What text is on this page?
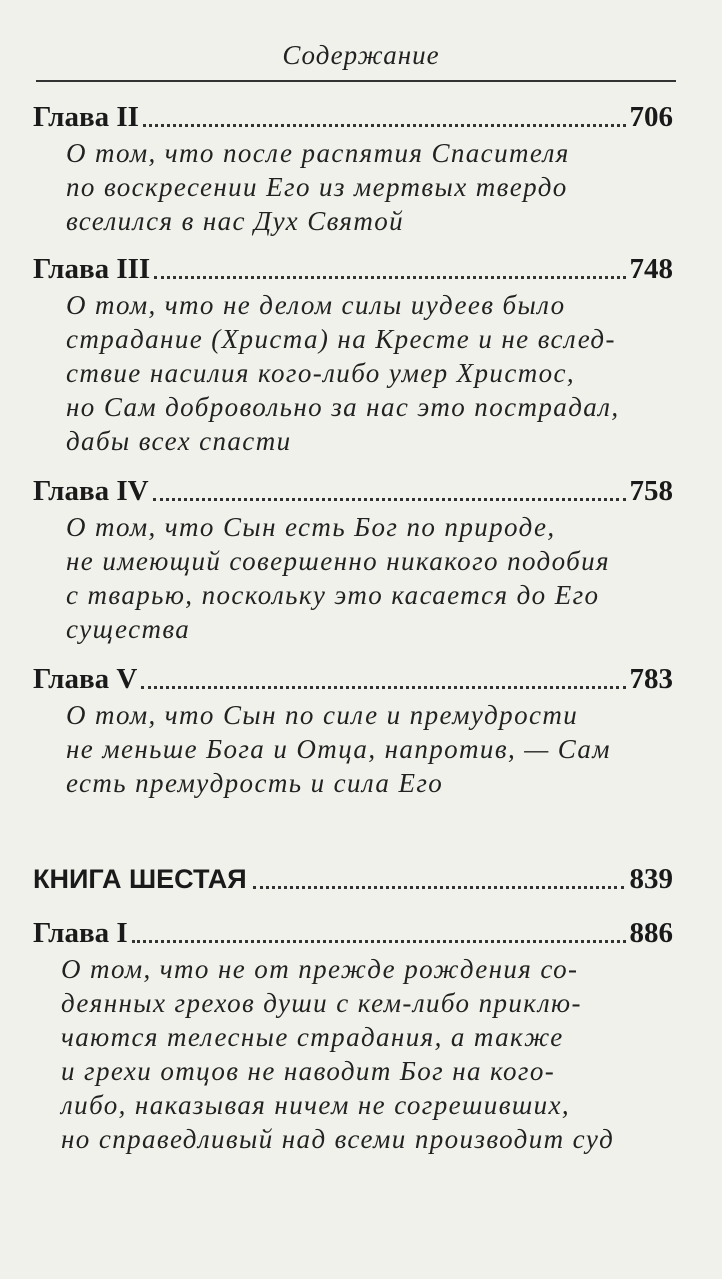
Содержание
Глава II	706
О том, что после распятия Спасителя
по воскресении Его из мертвых твердо
вселился в нас Дух Святой
Глава III	748
О том, что не делом силы иудеев было
страдание (Христа) на Кресте и не вслед-
ствие насилия кого-либо умер Христос,
но Сам добровольно за нас это пострадал,
дабы всех спасти
Глава IV	758
О том, что Сын есть Бог по природе,
не имеющий совершенно никакого подобия
с тварью, поскольку это касается до Его
существа
Глава V	783
О том, что Сын по силе и премудрости
не меньше Бога и Отца, напротив, — Сам
есть премудрость и сила Его
КНИГА ШЕСТАЯ	839
Глава I	886
О том, что не от прежде рождения со-
деянных грехов души с кем-либо приклю-
чаются телесные страдания, а также
и грехи отцов не наводит Бог на кого-
либо, наказывая ничем не согрешивших,
но справедливый над всеми производит суд
